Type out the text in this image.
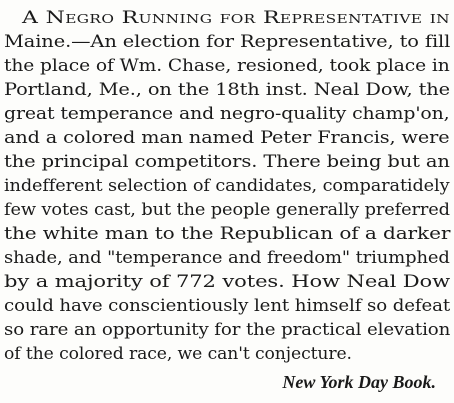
A Negro Running for Representative in
Maine.—An election for Representative, to fill
the place of Wm. Chase, resioned, took place in
Portland, Me., on the 18th inst. Neal Dow, the
great temperance and negro-quality champ'on,
and a colored man named Peter Francis, were
the principal competitors. There being but an
indefferent selection of candidates, comparatidely
few votes cast, but the people generally preferred
the white man to the Republican of a darker
shade, and "temperance and freedom" triumphed
by a majority of 772 votes. How Neal Dow
could have conscientiously lent himself so defeat
so rare an opportunity for the practical elevation
of the colored race, we can't conjecture.
New York Day Book.
